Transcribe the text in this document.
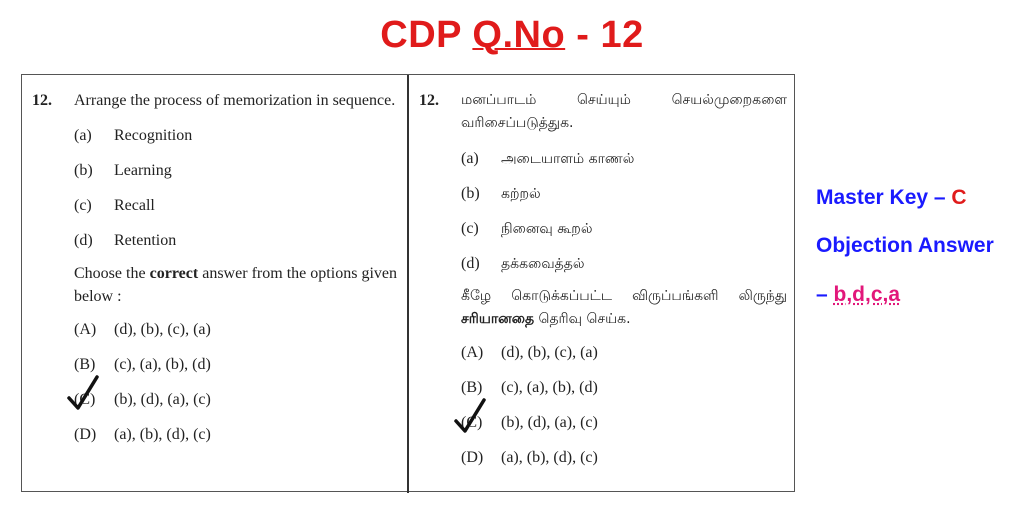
CDP Q.No - 12
12. Arrange the process of memorization in sequence.
(a) Recognition
(b) Learning
(c) Recall
(d) Retention
Choose the correct answer from the options given below :
(A) (d), (b), (c), (a)
(B) (c), (a), (b), (d)
(C) (b), (d), (a), (c)
(D) (a), (b), (d), (c)
12. மனப்பாடம் செய்யும் செயல்முறைகளை வரிசைப்படுத்துக.
(a) அடையாளம் காணல்
(b) கற்றல்
(c) நினைவு கூறல்
(d) தக்கவைத்தல்
கீழே கொடுக்கப்பட்ட விருப்பங்களி லிருந்து சரியானதை தெரிவு செய்க.
(A) (d), (b), (c), (a)
(B) (c), (a), (b), (d)
(C) (b), (d), (a), (c)
(D) (a), (b), (d), (c)
Master Key – C
Objection Answer
– b,d,c,a
